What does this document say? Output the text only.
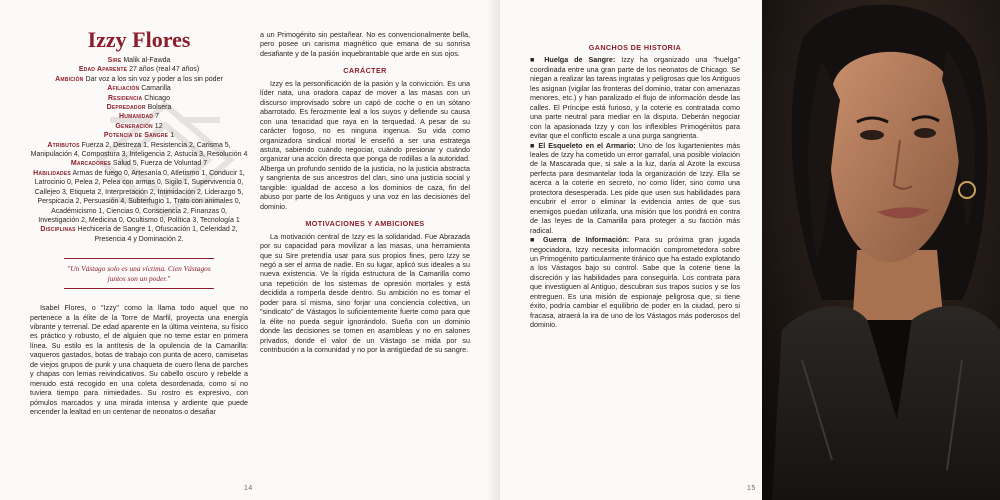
Izzy Flores
Sire Malik al-Fawda
Edad Aparente 27 años (real 47 años)
Ambición Dar voz a los sin voz y poder a los sin poder
Afiliación Camarilla
Residencia Chicago
Depredador Bolsera
Humanidad 7
Generación 12
Potencia de Sangre 1
Atributos Fuerza 2, Destreza 1, Resistencia 2, Carisma 5, Manipulación 4, Compostura 3, Inteligencia 2, Astucia 3, Resolución 4
Marcadores Salud 5, Fuerza de Voluntad 7
Habilidades Armas de fuego 0, Artesanía 0, Atletismo 1, Conducir 1, Latrocinio 0, Pelea 2, Pelea con armas 0, Sigilo 1, Supervivencia 0, Callejeo 3, Etiqueta 2, Interpretación 2, Intimidación 2, Liderazgo 5, Perspicacia 2, Persuasión 4, Subterfugio 1, Trato con animales 0, Académicismo 1, Ciencias 0, Consciencia 2, Finanzas 0, Investigación 2, Medicina 0, Ocultismo 0, Política 3, Tecnología 1
Disciplinas Hechicería de Sangre 1, Ofuscación 1, Celeridad 2, Presencia 4 y Dominación 2.
"Un Vástago solo es una víctima. Cien Vástagos juntos son un poder."

Isabel Flores, o "Izzy" como la llama todo aquel que no pertenece a la élite de la Torre de Marfil, proyecta una energía vibrante y terrenal. De edad aparente en la última veintena, su físico es práctico y robusto, el de alguien que no teme estar en primera línea. Su estilo es la antítesis de la opulencia de la Camarilla: vaqueros gastados, botas de trabajo con punta de acero, camisetas de viejos grupos de punk y una chaqueta de cuero llena de parches y chapas con lemas reivindicativos. Su cabello oscuro y rebelde a menudo está recogido en una coleta desordenada, como si no tuviera tiempo para nimiedades. Su rostro es expresivo, con pómulos marcados y una mirada intensa y ardiente que puede encender la lealtad en un centenar de neonatos o desafiar

a un Primogénito sin pestañear. No es convencionalmente bella, pero posee un carisma magnético que emana de su sonrisa desafiante y de la pasión inquebrantable que arde en sus ojos.

CARÁCTER

Izzy es la personificación de la pasión y la convicción. Es una líder nata, una oradora capaz de mover a las masas con un discurso improvisado sobre un capó de coche o en un sótano abarrotado. Es ferozmente leal a los suyos y defiende su causa con una tenacidad que raya en la terquedad. A pesar de su carácter fogoso, no es ninguna ingenua. Su vida como organizadora sindical mortal le enseñó a ser una estratega astuta, sabiendo cuándo negociar, cuándo presionar y cuándo organizar una acción directa que ponga de rodillas a la autoridad. Alberga un profundo sentido de la justicia, no la justicia abstracta y sangrienta de sus ancestros del clan, sino una justicia social y tangible: igualdad de acceso a los dominios de caza, fin del abuso por parte de los Antiguos y una voz en las decisiones del dominio.

MOTIVACIONES Y AMBICIONES

La motivación central de Izzy es la solidaridad. Fue Abrazada por su capacidad para movilizar a las masas, una herramienta que su Sire pretendía usar para sus propios fines, pero Izzy se negó a ser el arma de nadie. En su lugar, aplicó sus ideales a su nueva existencia. Ve la rígida estructura de la Camarilla como una repetición de los sistemas de opresión mortales y está decidida a romperla desde dentro. Su ambición no es tomar el poder para sí misma, sino forjar una conciencia colectiva, un "sindicato" de Vástagos lo suficientemente fuerte como para que la élite no pueda seguir ignorándolo. Sueña con un dominio donde las decisiones se tomen en asambleas y no en salones privados, donde el valor de un Vástago se mida por su contribución a la comunidad y no por la antigüedad de su sangre.

14
GANCHOS DE HISTORIA

■ Huelga de Sangre: Izzy ha organizado una "huelga" coordinada entre una gran parte de los neonatos de Chicago. Se niegan a realizar las tareas ingratas y peligrosas que los Antiguos les asignan (vigilar las fronteras del dominio, tratar con amenazas menores, etc.) y han paralizado el flujo de información desde las calles. El Príncipe está furioso, y la coterie es contratada como una parte neutral para mediar en la disputa. Deberán negociar con la apasionada Izzy y con los inflexibles Primogénitos para evitar que el conflicto escale a una purga sangrienta.

■ El Esqueleto en el Armario: Uno de los lugartenientes más leales de Izzy ha cometido un error garrafal, una posible violación de la Mascarada que, si sale a la luz, daría al Azote la excusa perfecta para desmantelar toda la organización de Izzy. Ella se acerca a la coterie en secreto, no como líder, sino como una protectora desesperada. Les pide que usen sus habilidades para encubrir el error o eliminar la evidencia antes de que sus enemigos puedan utilizarla, una misión que los pondrá en contra de las leyes de la Camarilla para proteger a su facción más radical.

■ Guerra de Información: Para su próxima gran jugada negociadora, Izzy necesita información comprometedora sobre un Primogénito particularmente tiránico que ha estado explotando a los Vástagos bajo su control. Sabe que la coterie tiene la discreción y las habilidades para conseguirla. Los contrata para que investiguen al Antiguo, descubran sus trapos sucios y se los entreguen. Es una misión de espionaje peligrosa que, si tiene éxito, podría cambiar el equilibrio de poder en la ciudad, pero si fracasa, atraerá la ira de uno de los Vástagos más poderosos del dominio.

15
